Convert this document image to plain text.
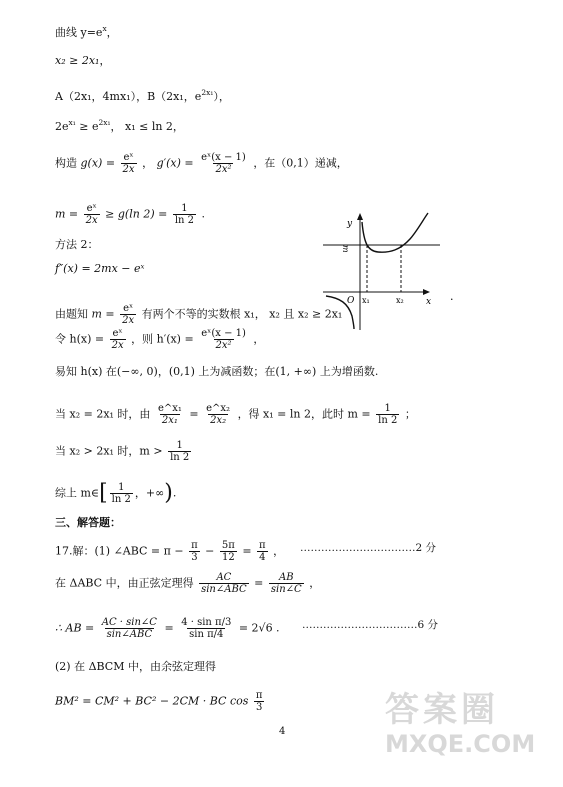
曲线 $y=e^x$，
x₂ ≥ 2x₁，
A（2x₁，4mx₁），B（2x₁，$e^{2x_1}$），
$2e^{x_1} \ge e^{2x_1}$， x₁ ≤ ln 2，
构造 $g(x) = \frac{\text{eˣ}}{2x}$ ， $g'(x) = \frac{\text{eˣ(x − 1)}}{\text{2x²}}$ ，在（0,1）递减，
$m = \frac{\text{eˣ}}{2x} \ge g(\ln$ $2) = \frac{1}{\ln 2}$ .
方法 2：
f″(x) = 2mx − eˣ
由题知 $m = \frac{\text{eˣ}}{2x}$ 有两个不等的实数根 x₁， x₂ 且 x₂ ≥ 2x₁
令 $h(x) = \frac{\text{eˣ}}{2x}$ ，则 $h'(x) = \frac{\text{eˣ(x − 1)}}{\text{2x²}}$ ，
易知 h(x) 在(−∞, 0)，(0,1) 上为减函数；在(1, +∞) 上为增函数.
当 x₂ = 2x₁ 时，由 $\frac{\text{e\textasciicircum{}x₁}}{\text{2x₁}} = \frac{\text{e\textasciicircum{}x₂}}{\text{2x₂}}$ ，得 x₁ = ln 2，此时 $m = \frac{1}{\ln 2}$ ；
当 x₂ > 2x₁ 时，$m > \frac{1}{\ln 2}$
综上 m∈[ $\frac{1}{\ln 2}$ ，+∞).
三、解答题：
17.解：(1) ∠ABC = $\pi - \frac{\pi}{3} - \frac{5\pi}{12} = \frac{\pi}{4}$ ， ……………………………2 分
在 ΔABC 中，由正弦定理得 $\frac{AC}{\text{sin∠ABC}} = \frac{AB}{\sin\angle C}$ ，
∴ AB = $\frac{AC \cdot \sin\angle C}{\text{sin∠ABC}} = \frac{\text{4 · sin π/3}}{\text{sin π/4}} = 2√6$ . ……………………………6 分
(2) 在 ΔBCM 中，由余弦定理得
BM² = CM² + BC² − 2CM · BC $\cos \frac{\pi}{3}$
y
m
O x₁	x₂ x .
4
答案圈
MXQE.COM
